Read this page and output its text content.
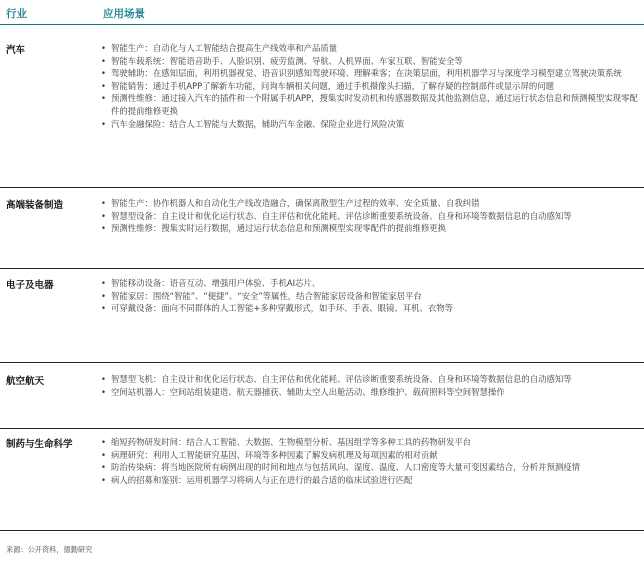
行业	应用场景
汽车	• 智能生产：自动化与人工智能结合提高生产线效率和产品质量
• 智能车载系统：智能语音助手、人脸识别、疲劳监测、导航、人机界面、车家互联、智能安全等
• 驾驶辅助：在感知层面，利用机器视觉、语音识别感知驾驶环境、理解乘客；在决策层面，利用机器学习与深度学习模型建立驾驶决策系统
• 智能销售：通过手机APP了解新车功能，问询车辆相关问题，通过手机摄像头扫描，了解存疑的控制部件或显示屏的问题
• 预测性维修：通过接入汽车的插件和一个附属手机APP，搜集实时发动机和传感器数据及其他监测信息，通过运行状态信息和预测模型实现零配件的提前维修更换
• 汽车金融保险：结合人工智能与大数据，辅助汽车金融、保险企业进行风险决策
高端装备制造	• 智能生产：协作机器人和自动化生产线改造融合，确保离散型生产过程的效率、安全质量、自我纠错
• 智慧型设备：自主设计和优化运行状态、自主评估和优化能耗、评估诊断重要系统设备、自身和环境等数据信息的自动感知等
• 预测性维修：搜集实时运行数据，通过运行状态信息和预测模型实现零配件的提前维修更换
电子及电器	• 智能移动设备：语音互动、增强用户体验、手机AI芯片、
• 智能家居：围绕“智能”、“便捷”、“安全”等属性，结合智能家居设备和智能家居平台
• 可穿戴设备：面向不同群体的人工智能+多种穿戴形式，如手环、手表、眼镜、耳机、衣物等
航空航天	• 智慧型飞机：自主设计和优化运行状态、自主评估和优化能耗、评估诊断重要系统设备、自身和环境等数据信息的自动感知等
• 空间站机器人：空间站组装建造、航天器捕获、辅助太空人出舱活动、维修维护、载荷照料等空间智慧操作
制药与生命科学	• 缩短药物研发时间：结合人工智能、大数据、生物模型分析、基因组学等多种工具的药物研发平台
• 病理研究：利用人工智能研究基因、环境等多种因素了解发病机理及每项因素的相对贡献
• 防治传染病：将当地医院所有病例出现的时间和地点与包括风向、湿度、温度、人口密度等大量可变因素结合，分析并预测疫情
• 病人的招募和鉴别：运用机器学习将病人与正在进行的最合适的临床试验进行匹配
来源：公开资料，德勤研究
